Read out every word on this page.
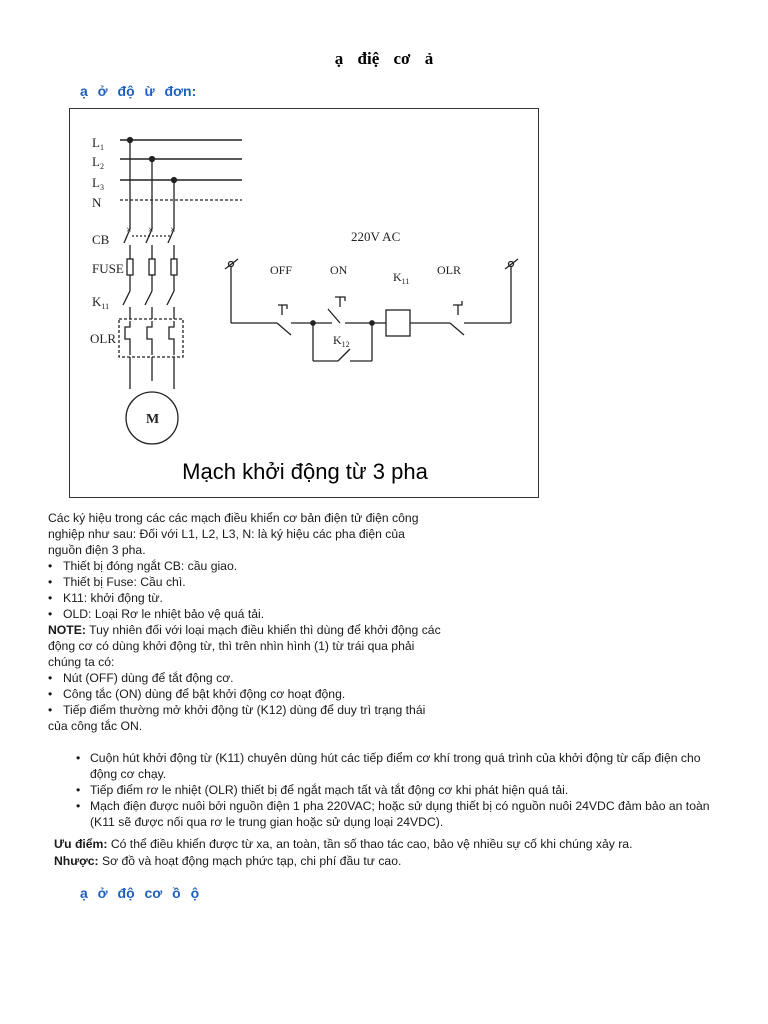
ạ điệ cơ ả
ạ ở độ ừ đơn:
× × ×
$L_1$
$L_2$
$L_3$
N
CB
FUSE
$K_{11}$
OLR
M
220V AC
OFF	ON	$K_{11}$
OLR
$K_{12}$
Mạch khởi động từ 3 pha
Các ký hiệu trong các các mạch điều khiển cơ bản điện tử điện công
nghiệp như sau: Đối với L1, L2, L3, N: là ký hiệu các pha điện của
nguồn điện 3 pha.
• Thiết bị đóng ngắt CB: cầu giao.
• Thiết bị Fuse: Cầu chì.
• K11: khởi động từ.
• OLD: Loại Rơ le nhiệt bảo vệ quá tải.
NOTE: Tuy nhiên đối với loại mạch điều khiển thì dùng để khởi động các
động cơ có dùng khởi động từ, thì trên nhìn hình (1) từ trái qua phải
chúng ta có:
• Nút (OFF) dùng để tắt động cơ.
• Công tắc (ON) dùng để bật khởi động cơ hoạt động.
• Tiếp điểm thường mở khởi động từ (K12) dùng để duy trì trạng thái
của công tắc ON.
• Cuộn hút khởi động từ (K11) chuyên dùng hút các tiếp điểm cơ khí trong quá trình của khởi động từ cấp điện cho
động cơ chạy.
• Tiếp điểm rơ le nhiệt (OLR) thiết bị để ngắt mạch tất và tắt động cơ khi phát hiện quá tải.
• Mạch điện được nuôi bởi nguồn điện 1 pha 220VAC; hoặc sử dụng thiết bị có nguồn nuôi 24VDC đảm bảo an toàn
(K11 sẽ được nối qua rơ le trung gian hoặc sử dụng loại 24VDC).
Ưu điểm: Có thể điều khiển được từ xa, an toàn, tần số thao tác cao, bảo vệ nhiều sự cố khi chúng xảy ra.
Nhược: Sơ đồ và hoạt động mạch phức tạp, chi phí đầu tư cao.
ạ ở độ cơ ồ ộ
